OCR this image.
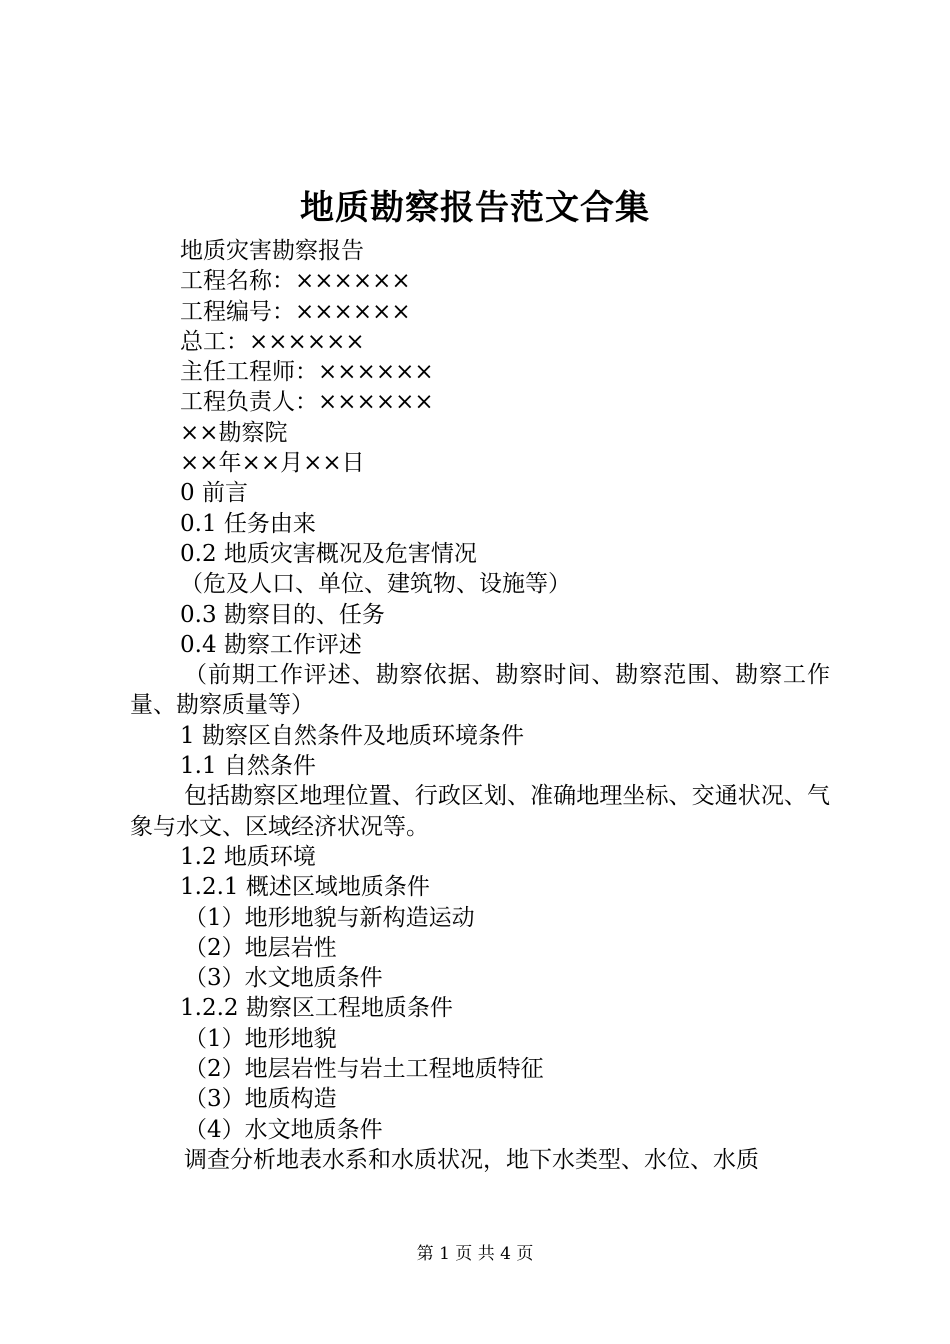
地质勘察报告范文合集

地质灾害勘察报告

工程名称：××××××

工程编号：××××××

总工：××××××

主任工程师：××××××

工程负责人：××××××

××勘察院

××年××月××日

0 前言

0.1 任务由来

0.2 地质灾害概况及危害情况

（危及人口、单位、建筑物、设施等）

0.3 勘察目的、任务

0.4 勘察工作评述

（前期工作评述、勘察依据、勘察时间、勘察范围、勘察工作量、勘察质量等）

1 勘察区自然条件及地质环境条件

1.1 自然条件

包括勘察区地理位置、行政区划、准确地理坐标、交通状况、气象与水文、区域经济状况等。

1.2 地质环境

1.2.1 概述区域地质条件

（1）地形地貌与新构造运动

（2）地层岩性

（3）水文地质条件

1.2.2 勘察区工程地质条件

（1）地形地貌

（2）地层岩性与岩土工程地质特征

（3）地质构造

（4）水文地质条件

调查分析地表水系和水质状况，地下水类型、水位、水质

第 1 页 共 4 页
